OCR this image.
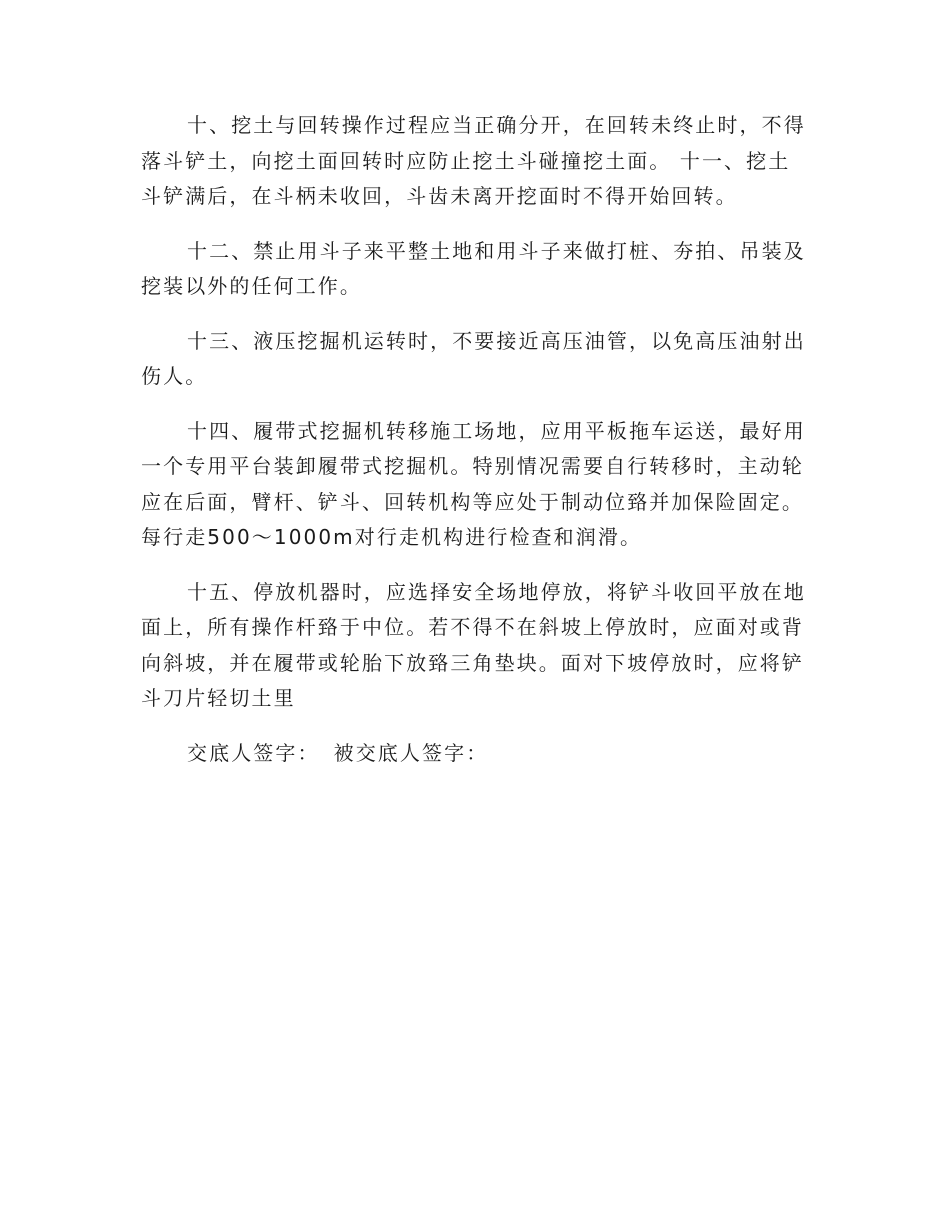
十、挖土与回转操作过程应当正确分开，在回转未终止时，不得落斗铲土，向挖土面回转时应防止挖土斗碰撞挖土面。 十一、挖土斗铲满后，在斗柄未收回，斗齿未离开挖面时不得开始回转。

十二、禁止用斗子来平整土地和用斗子来做打桩、夯拍、吊装及挖装以外的任何工作。

十三、液压挖掘机运转时，不要接近高压油管，以免高压油射出伤人。

十四、履带式挖掘机转移施工场地，应用平板拖车运送，最好用一个专用平台装卸履带式挖掘机。特别情况需要自行转移时，主动轮应在后面，臂杆、铲斗、回转机构等应处于制动位臵并加保险固定。每行走500～1000m对行走机构进行检查和润滑。

十五、停放机器时，应选择安全场地停放，将铲斗收回平放在地面上，所有操作杆臵于中位。若不得不在斜坡上停放时，应面对或背向斜坡，并在履带或轮胎下放臵三角垫块。面对下坡停放时，应将铲斗刀片轻切土里

交底人签字： 被交底人签字：
